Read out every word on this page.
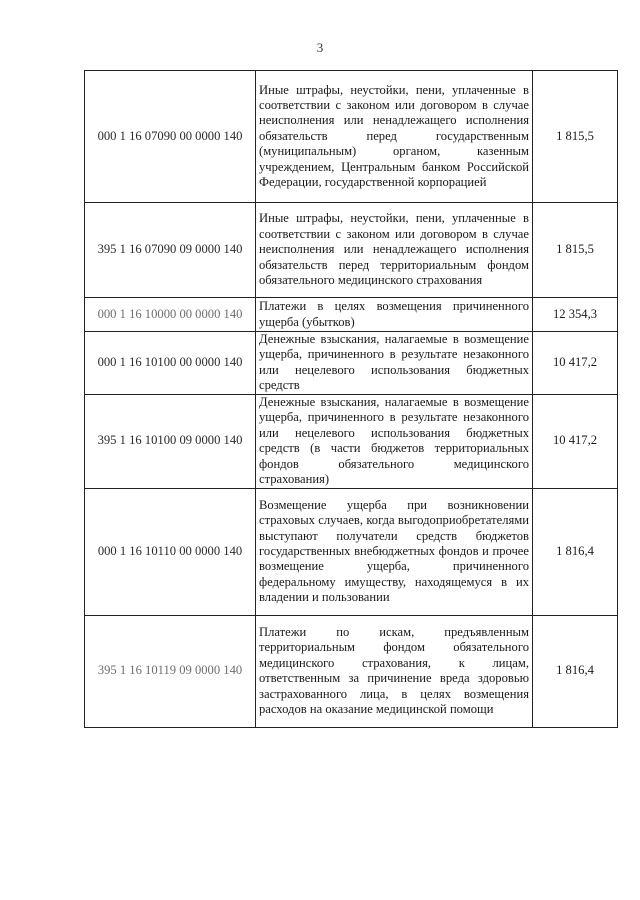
3
000 1 16 07090 00 0000 140	Иные штрафы, неустойки, пени, уплаченные в соответствии с законом или договором в случае неисполнения или ненадлежащего исполнения обязательств перед государственным (муниципальным) органом, казенным учреждением, Центральным банком Российской Федерации, государственной корпорацией	1 815,5
395 1 16 07090 09 0000 140	Иные штрафы, неустойки, пени, уплаченные в соответствии с законом или договором в случае неисполнения или ненадлежащего исполнения обязательств перед территориальным фондом обязательного медицинского страхования	1 815,5
000 1 16 10000 00 0000 140	Платежи в целях возмещения причиненного ущерба (убытков)	12 354,3
000 1 16 10100 00 0000 140	Денежные взыскания, налагаемые в возмещение ущерба, причиненного в результате незаконного или нецелевого использования бюджетных средств	10 417,2
395 1 16 10100 09 0000 140	Денежные взыскания, налагаемые в возмещение ущерба, причиненного в результате незаконного или нецелевого использования бюджетных средств (в части бюджетов территориальных фондов обязательного медицинского страхования)	10 417,2
000 1 16 10110 00 0000 140	Возмещение ущерба при возникновении страховых случаев, когда выгодоприобретателями выступают получатели средств бюджетов государственных внебюджетных фондов и прочее возмещение ущерба, причиненного федеральному имуществу, находящемуся в их владении и пользовании	1 816,4
395 1 16 10119 09 0000 140	Платежи по искам, предъявленным территориальным фондом обязательного медицинского страхования, к лицам, ответственным за причинение вреда здоровью застрахованного лица, в целях возмещения расходов на оказание медицинской помощи	1 816,4
